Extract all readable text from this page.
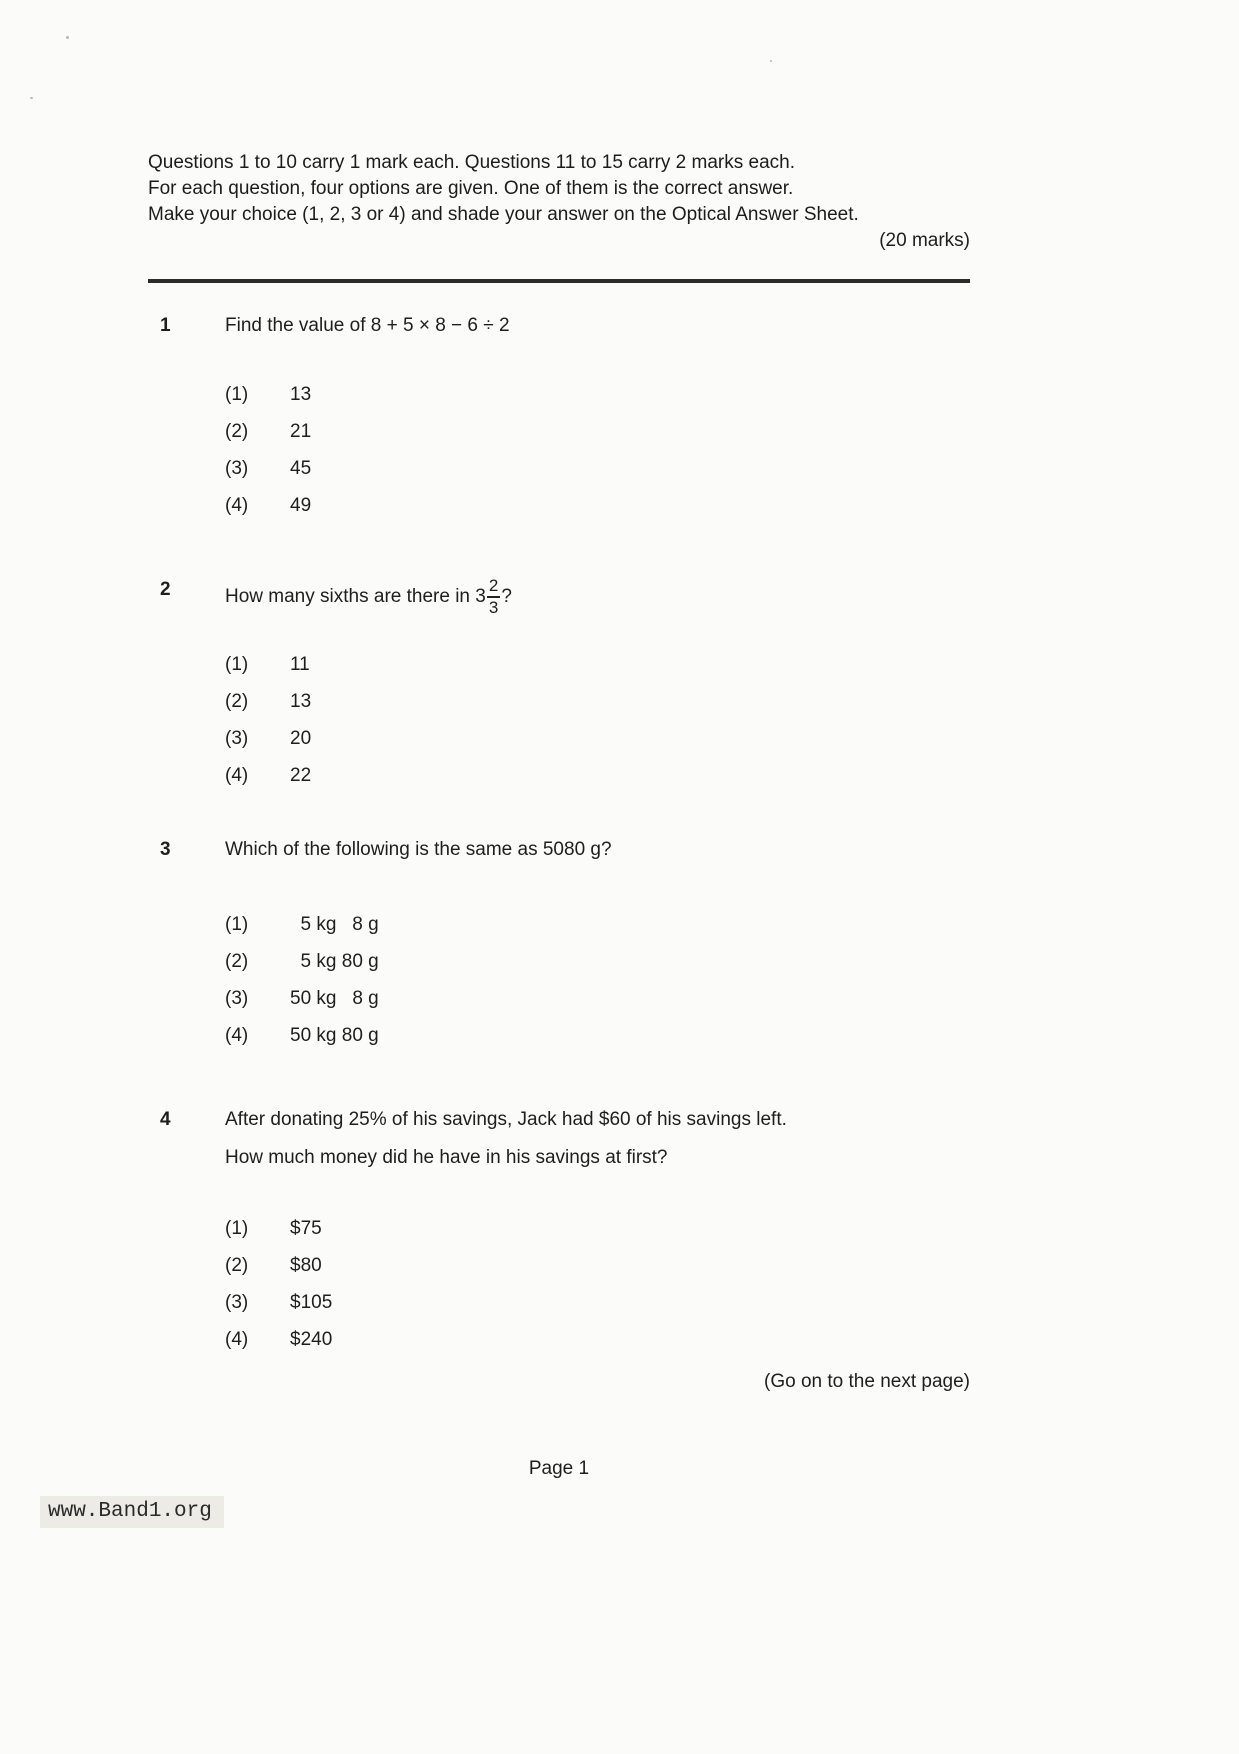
Questions 1 to 10 carry 1 mark each. Questions 11 to 15 carry 2 marks each.
For each question, four options are given. One of them is the correct answer.
Make your choice (1, 2, 3 or 4) and shade your answer on the Optical Answer Sheet.
(20 marks)
1	Find the value of 8 + 5 × 8 − 6 ÷ 2
(1)	13
(2)	21
(3)	45
(4)	49
2	How many sixths are there in $3 \frac{2}{3}$ ?
(1)	11
(2)	13
(3)	20
(4)	22
3	Which of the following is the same as 5080 g?
(1)	5 kg   8 g
(2)	5 kg 80 g
(3)	50 kg   8 g
(4)	50 kg 80 g
4	After donating 25% of his savings, Jack had $60 of his savings left.
How much money did he have in his savings at first?
(1)	$75
(2)	$80
(3)	$105
(4)	$240
(Go on to the next page)
Page 1
www.Band1.org
